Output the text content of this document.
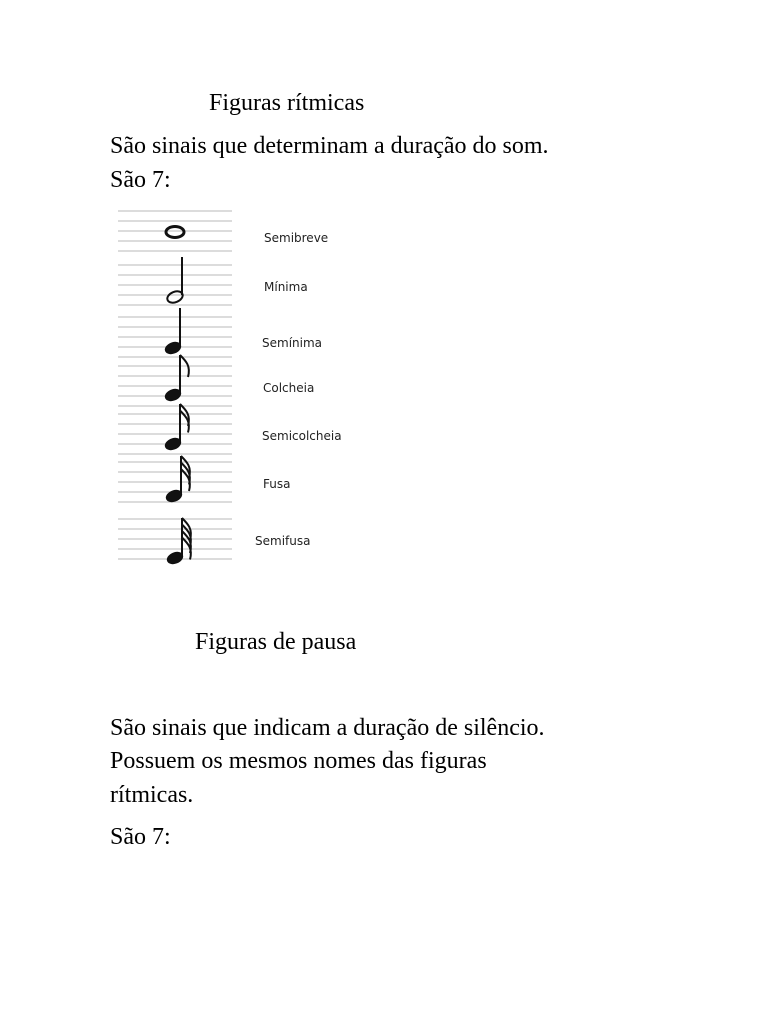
Figuras rítmicas
São sinais que determinam a duração do som.
São 7:
Semibreve
Mínima
Semínima
Colcheia
Semicolcheia
Fusa
Semifusa
Figuras de pausa
São sinais que indicam a duração de silêncio.
Possuem os mesmos nomes das figuras
rítmicas.
São 7:
